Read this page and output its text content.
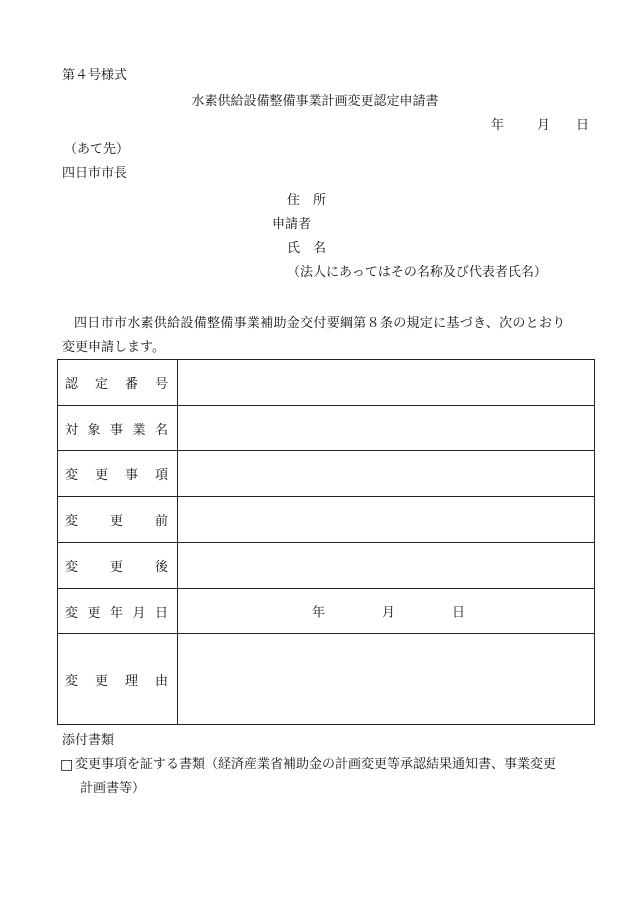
第４号様式
水素供給設備整備事業計画変更認定申請書
年	月 日
（あて先）
四日市市長
住　所
申請者
氏　名
（法人にあってはその名称及び代表者氏名）
四日市市水素供給設備整備事業補助金交付要綱第８条の規定に基づき、次のとおり
変更申請します。
認 定 番 号	

対 象 事 業 名	

変 更 事 項	

変 更 前	

変 更 後	

変 更 年 月 日	年 月 日

変 更 理 由	

添付書類
□ 変更事項を証する書類（経済産業省補助金の計画変更等承認結果通知書、事業変更
計画書等）
